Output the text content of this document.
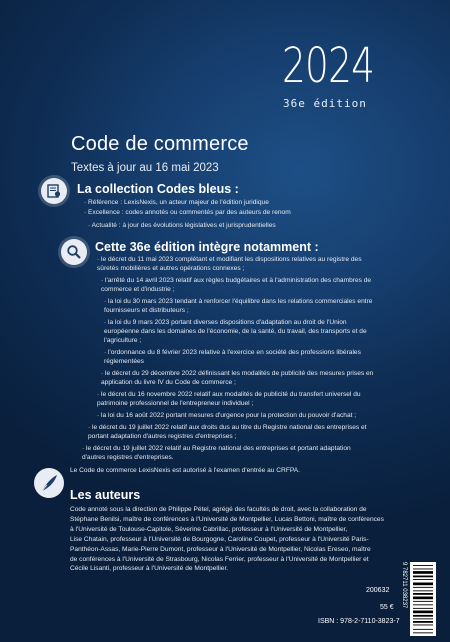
2024
36e édition
Code de commerce
Textes à jour au 16 mai 2023
La collection Codes bleus :
· Référence : LexisNexis, un acteur majeur de l'édition juridique
· Excellence : codes annotés ou commentés par des auteurs de renom
· Actualité : à jour des évolutions législatives et jurisprudentielles
Cette 36e édition intègre notamment :
· le décret du 11 mai 2023 complétant et modifiant les dispositions relatives au registre des
sûretés mobilières et autres opérations connexes ;
· l'arrêté du 14 avril 2023 relatif aux règles budgétaires et à l'administration des chambres de
commerce et d'industrie ;
· la loi du 30 mars 2023 tendant à renforcer l'équilibre dans les relations commerciales entre
fournisseurs et distributeurs ;
· la loi du 9 mars 2023 portant diverses dispositions d'adaptation au droit de l'Union
européenne dans les domaines de l'économie, de la santé, du travail, des transports et de
l'agriculture ;
· l'ordonnance du 8 février 2023 relative à l'exercice en société des professions libérales
réglementées
· le décret du 29 décembre 2022 définissant les modalités de publicité des mesures prises en
application du livre IV du Code de commerce ;
· le décret du 16 novembre 2022 relatif aux modalités de publicité du transfert universel du
patrimoine professionnel de l'entrepreneur individuel ;
· la loi du 16 août 2022 portant mesures d'urgence pour la protection du pouvoir d'achat ;
· le décret du 19 juillet 2022 relatif aux droits dus au titre du Registre national des entreprises et
portant adaptation d'autres registres d'entreprises ;
· le décret du 19 juillet 2022 relatif au Registre national des entreprises et portant adaptation
d'autres registres d'entreprises.
Le Code de commerce LexisNexis est autorisé à l'examen d'entrée au CRFPA.
Les auteurs
Code annoté sous la direction de Philippe Pétel, agrégé des facultés de droit, avec la collaboration de
Stéphane Benilsi, maître de conférences à l'Université de Montpellier, Lucas Bettoni, maître de conférences
à l'Université de Toulouse-Capitole, Séverine Cabrillac, professeur à l'Université de Montpellier,
Lise Chatain, professeur à l'Université de Bourgogne, Caroline Coupet, professeur à l'Université Paris-
Panthéon-Assas, Marie-Pierre Dumont, professeur à l'Université de Montpellier, Nicolas Ereseo, maître
de conférences à l'Université de Strasbourg, Nicolas Ferrier, professeur à l'Université de Montpellier et
Cécile Lisanti, professeur à l'Université de Montpellier.
200632
55 €
ISBN : 978-2-7110-3823-7
9 782711 038237
